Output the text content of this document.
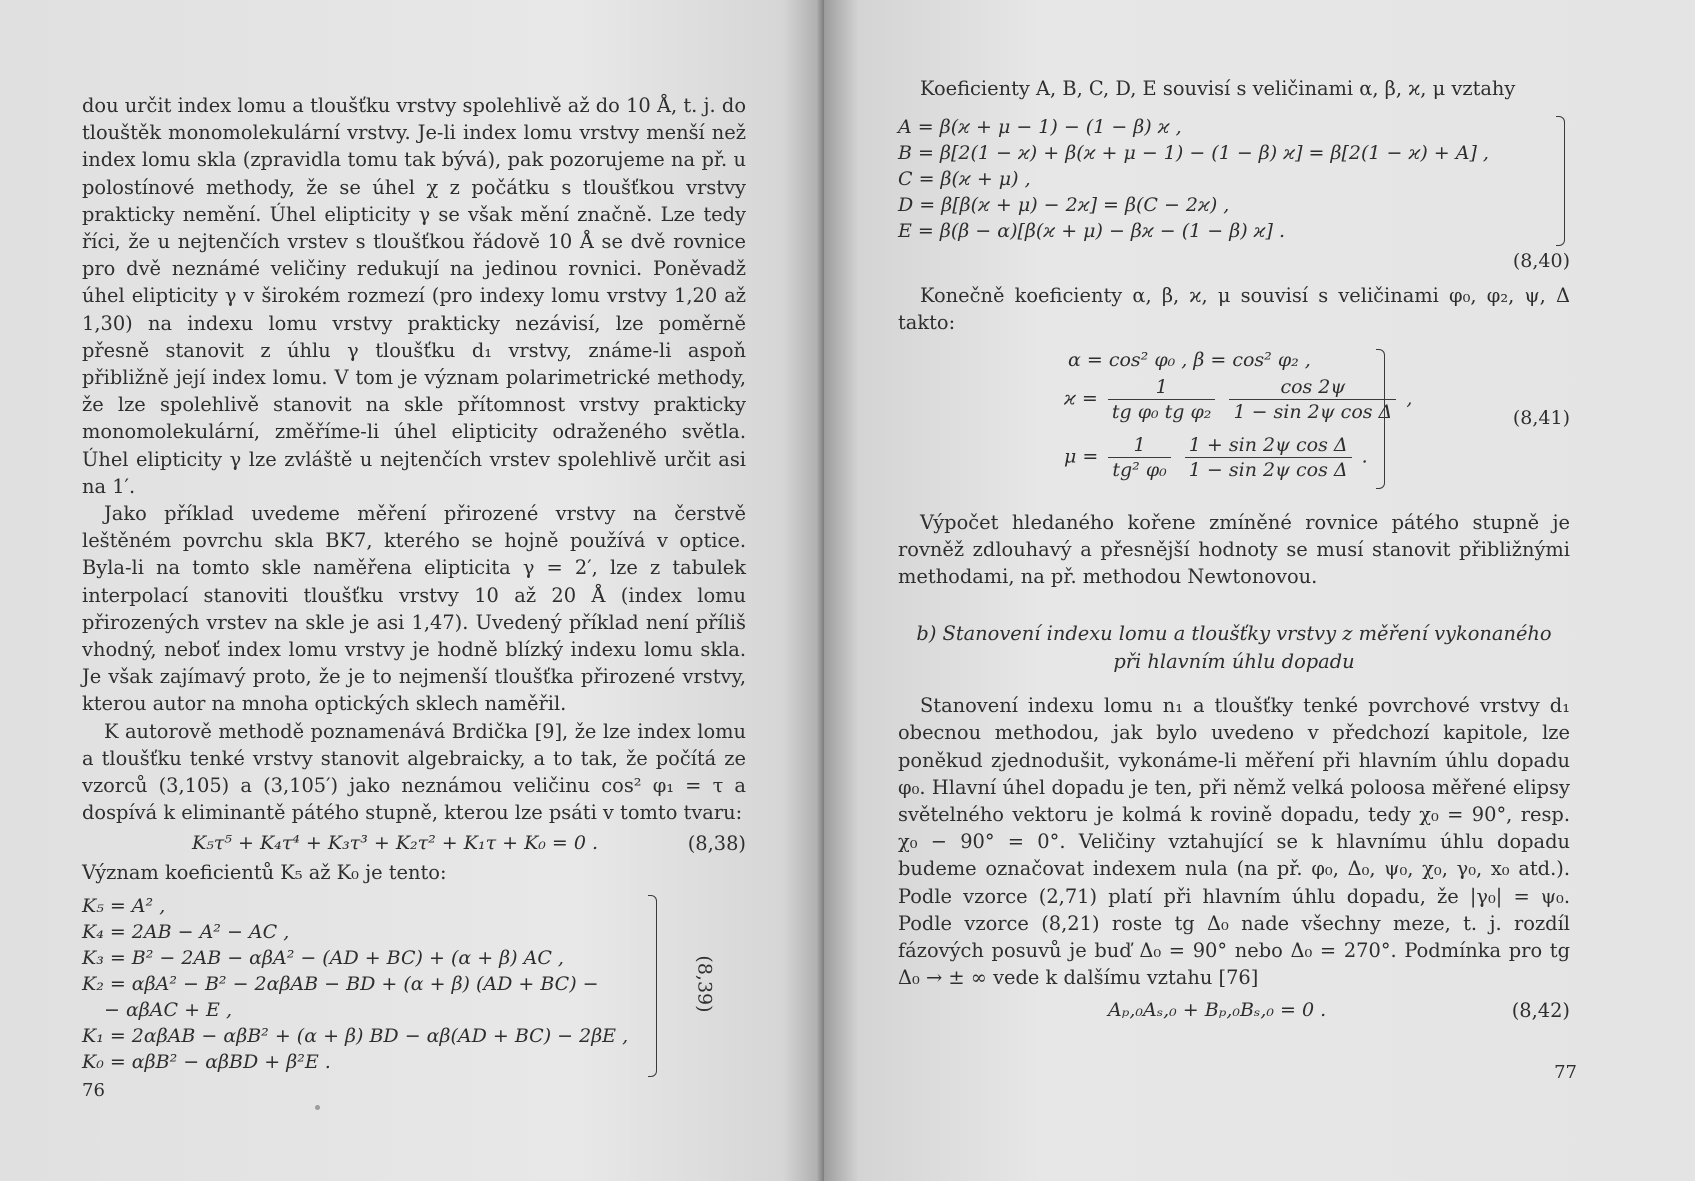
dou určit index lomu a tloušťku vrstvy spolehlivě až do 10 Å, t. j. do tlouštěk monomolekulární vrstvy. Je-li index lomu vrstvy menší než index lomu skla (zpravidla tomu tak bývá), pak pozorujeme na př. u polostínové methody, že se úhel χ z počátku s tloušťkou vrstvy prakticky nemění. Úhel elipticity γ se však mění značně. Lze tedy říci, že u nejtenčích vrstev s tloušťkou řádově 10 Å se dvě rovnice pro dvě neznámé veličiny redukují na jedinou rovnici. Poněvadž úhel elipticity γ v širokém rozmezí (pro indexy lomu vrstvy 1,20 až 1,30) na indexu lomu vrstvy prakticky nezávisí, lze poměrně přesně stanovit z úhlu γ tloušťku d₁ vrstvy, známe-li aspoň přibližně její index lomu. V tom je význam polarimetrické methody, že lze spolehlivě stanovit na skle přítomnost vrstvy prakticky monomolekulární, změříme-li úhel elipticity odraženého světla. Úhel elipticity γ lze zvláště u nejtenčích vrstev spolehlivě určit asi na 1′.

Jako příklad uvedeme měření přirozené vrstvy na čerstvě leštěném povrchu skla BK7, kterého se hojně používá v optice. Byla-li na tomto skle naměřena elipticita γ = 2′, lze z tabulek interpolací stanoviti tloušťku vrstvy 10 až 20 Å (index lomu přirozených vrstev na skle je asi 1,47). Uvedený příklad není příliš vhodný, neboť index lomu vrstvy je hodně blízký indexu lomu skla. Je však zajímavý proto, že je to nejmenší tloušťka přirozené vrstvy, kterou autor na mnoha optických sklech naměřil.

K autorově methodě poznamenává Brdička [9], že lze index lomu a tloušťku tenké vrstvy stanovit algebraicky, a to tak, že počítá ze vzorců (3,105) a (3,105′) jako neznámou veličinu cos² φ₁ = τ a dospívá k eliminantě pátého stupně, kterou lze psáti v tomto tvaru:

K₅τ⁵ + K₄τ⁴ + K₃τ³ + K₂τ² + K₁τ + K₀ = 0 .	(8,38)

Význam koeficientů K₅ až K₀ je tento:

K₅ = A² ,
K₄ = 2AB − A² − AC ,
K₃ = B² − 2AB − αβA² − (AD + BC) + (α + β) AC ,
K₂ = αβA² − B² − 2αβAB − BD + (α + β) (AD + BC) −
− αβAC + E ,
K₁ = 2αβAB − αβB² + (α + β) BD − αβ(AD + BC) − 2βE ,
K₀ = αβB² − αβBD + β²E .
(8,39)
76

Koeficienty A, B, C, D, E souvisí s veličinami α, β, ϰ, μ vztahy

A = β(ϰ + μ − 1) − (1 − β) ϰ ,
B = β[2(1 − ϰ) + β(ϰ + μ − 1) − (1 − β) ϰ] = β[2(1 − ϰ) + A] ,
C = β(ϰ + μ) ,
D = β[β(ϰ + μ) − 2ϰ] = β(C − 2ϰ) ,
E = β(β − α)[β(ϰ + μ) − βϰ − (1 − β) ϰ] .
(8,40)

Konečně koeficienty α, β, ϰ, μ souvisí s veličinami φ₀, φ₂, ψ, Δ takto:

α = cos² φ₀ , β = cos² φ₂ ,
$ϰ = \frac{1}{\text{tg φ₀ tg φ₂}}$
$\frac{\cos 2\psi}{\text{1 − sin 2ψ cos Δ}}$ ,
$\mu = \frac{1}{\text{tg² φ₀}}$
$\frac{\text{1 + sin 2ψ cos Δ}}{\text{1 − sin 2ψ cos Δ}}$ .
(8,41)

Výpočet hledaného kořene zmíněné rovnice pátého stupně je rovněž zdlouhavý a přesnější hodnoty se musí stanovit přibližnými methodami, na př. methodou Newtonovou.

b) Stanovení indexu lomu a tloušťky vrstvy z měření vykonaného

při hlavním úhlu dopadu

Stanovení indexu lomu n₁ a tloušťky tenké povrchové vrstvy d₁ obecnou methodou, jak bylo uvedeno v předchozí kapitole, lze poněkud zjednodušit, vykonáme-li měření při hlavním úhlu dopadu φ₀. Hlavní úhel dopadu je ten, při němž velká poloosa měřené elipsy světelného vektoru je kolmá k rovině dopadu, tedy χ₀ = 90°, resp. χ₀ − 90° = 0°. Veličiny vztahující se k hlavnímu úhlu dopadu budeme označovat indexem nula (na př. φ₀, Δ₀, ψ₀, χ₀, γ₀, x₀ atd.). Podle vzorce (2,71) platí při hlavním úhlu dopadu, že |γ₀| = ψ₀. Podle vzorce (8,21) roste tg Δ₀ nade všechny meze, t. j. rozdíl fázových posuvů je buď Δ₀ = 90° nebo Δ₀ = 270°. Podmínka pro tg Δ₀ → ± ∞ vede k dalšímu vztahu [76]

Aₚ,₀Aₛ,₀ + Bₚ,₀Bₛ,₀ = 0 .	(8,42)
77
